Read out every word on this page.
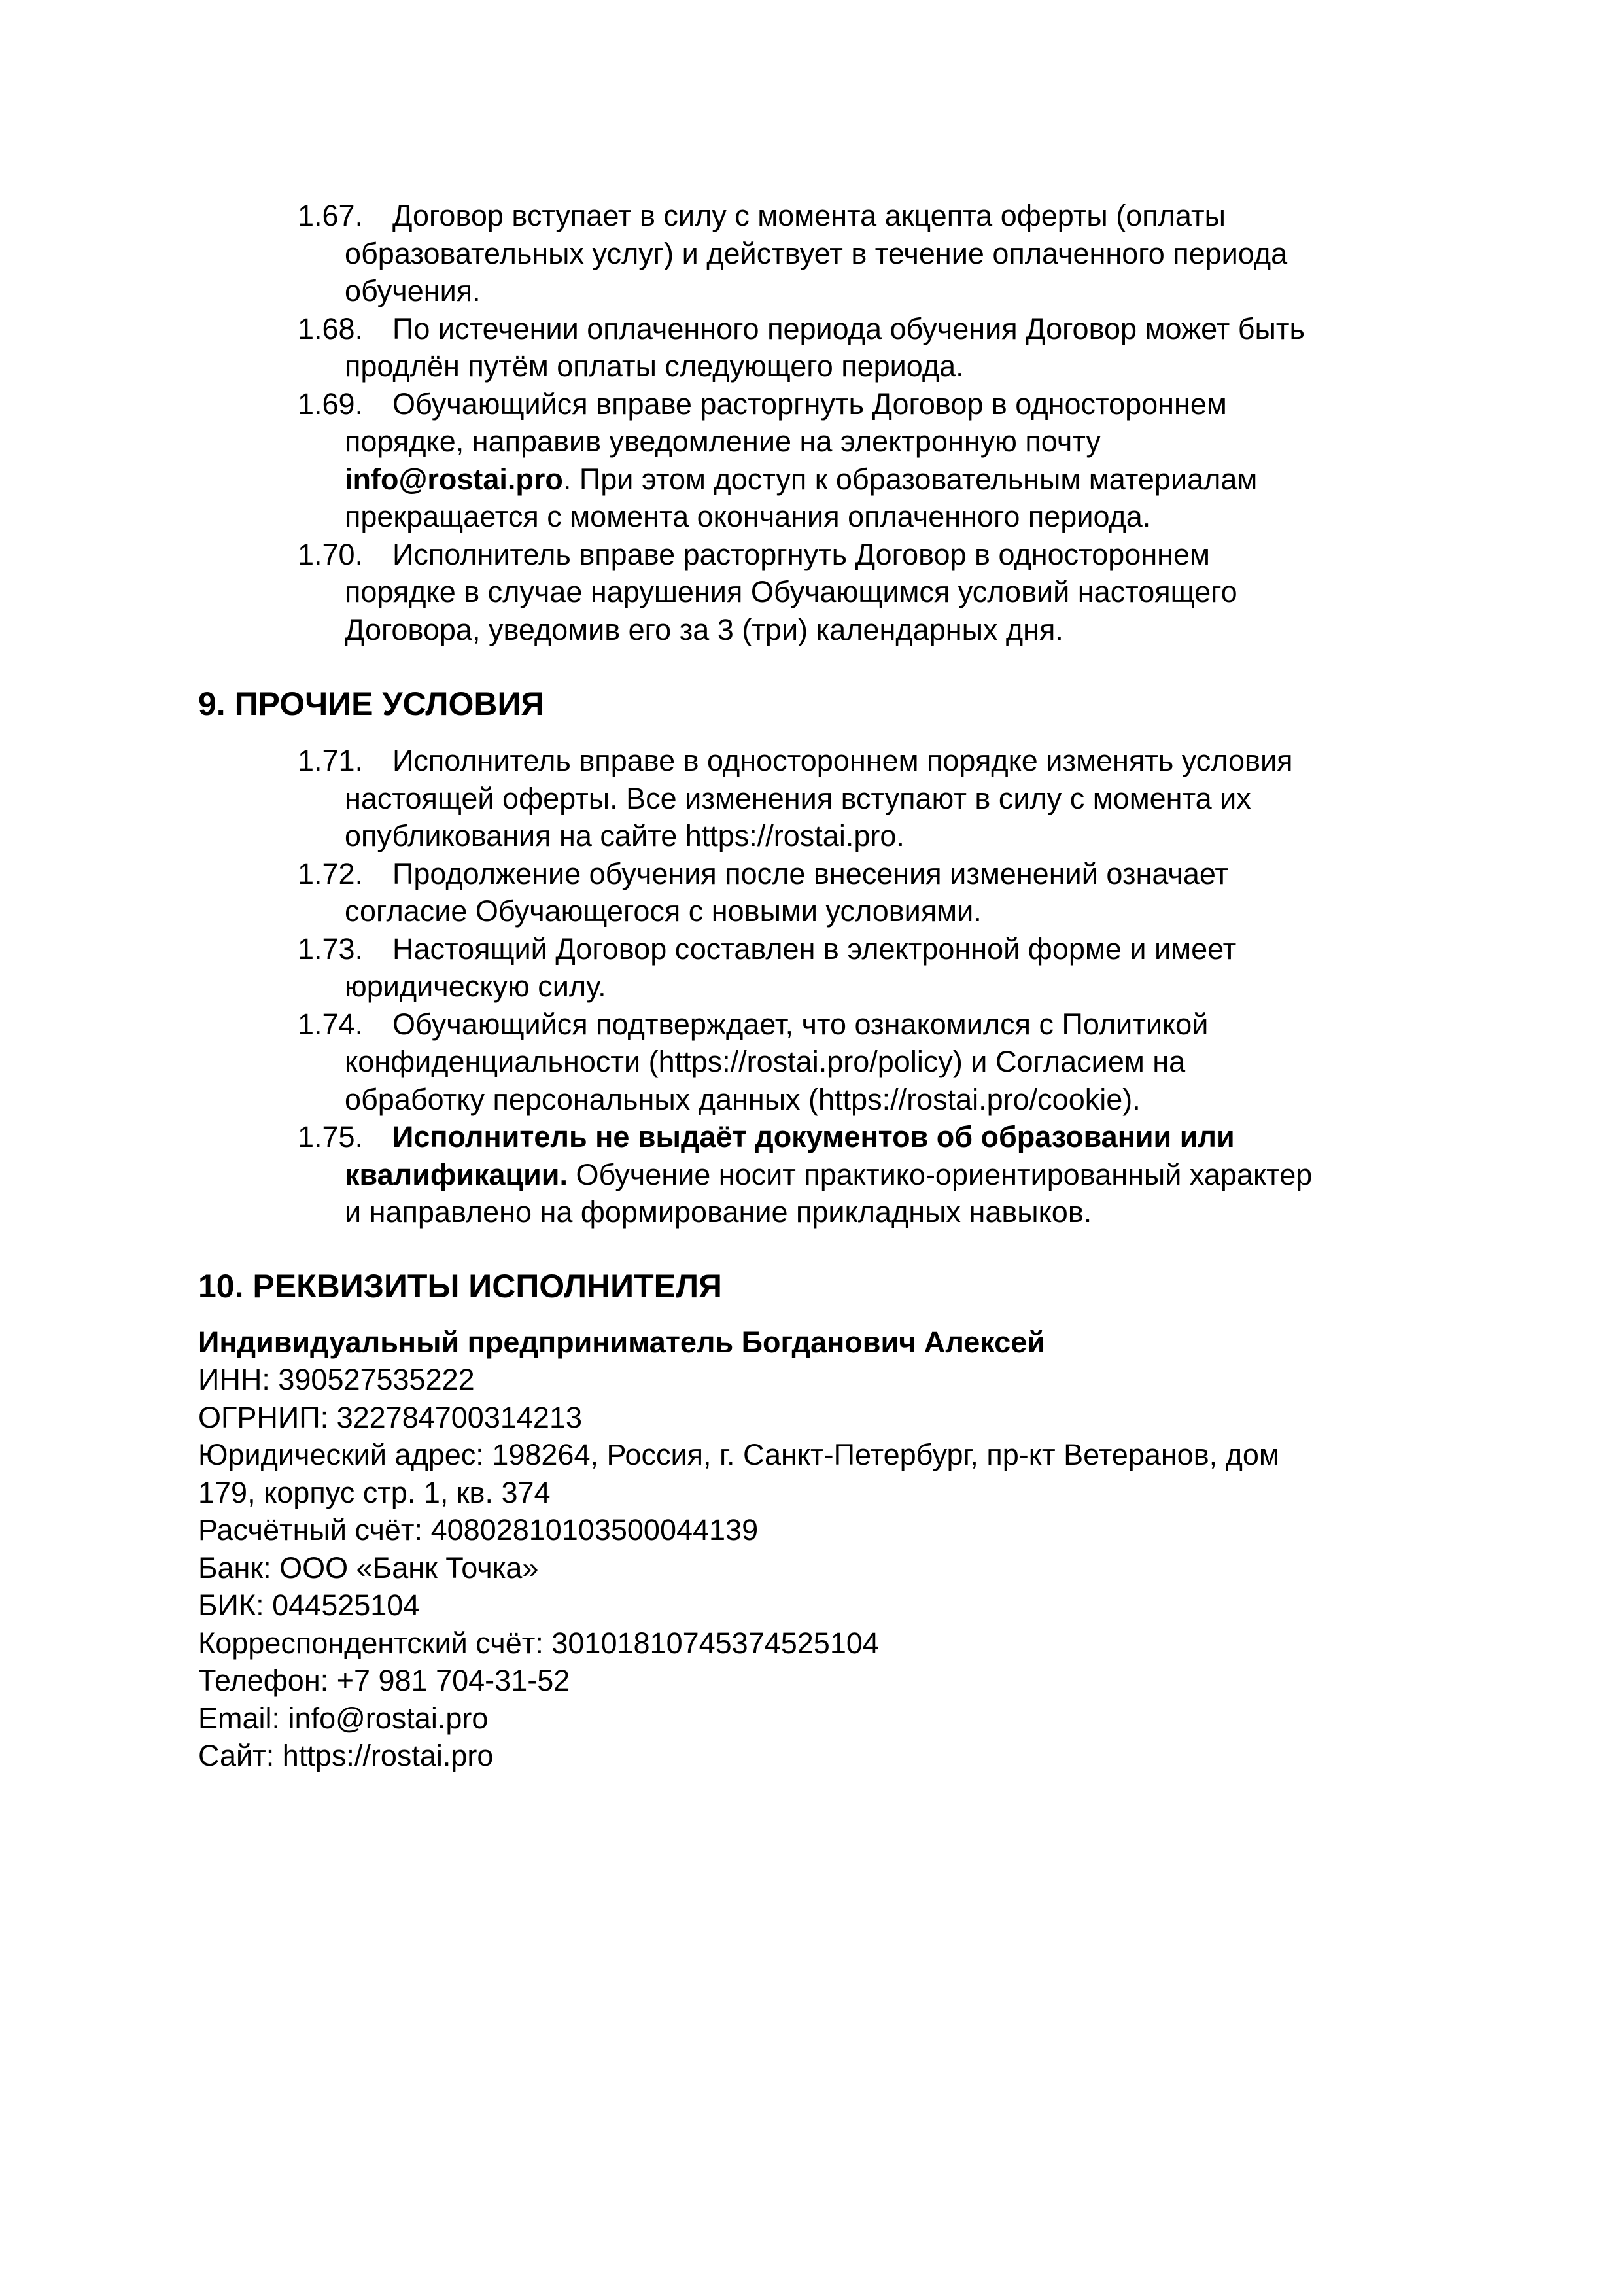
1.67. Договор вступает в силу с момента акцепта оферты (оплаты
образовательных услуг) и действует в течение оплаченного периода
обучения.
1.68. По истечении оплаченного периода обучения Договор может быть
продлён путём оплаты следующего периода.
1.69. Обучающийся вправе расторгнуть Договор в одностороннем
порядке, направив уведомление на электронную почту
info@rostai.pro. При этом доступ к образовательным материалам
прекращается с момента окончания оплаченного периода.
1.70. Исполнитель вправе расторгнуть Договор в одностороннем
порядке в случае нарушения Обучающимся условий настоящего
Договора, уведомив его за 3 (три) календарных дня.
9. ПРОЧИЕ УСЛОВИЯ
1.71. Исполнитель вправе в одностороннем порядке изменять условия
настоящей оферты. Все изменения вступают в силу с момента их
опубликования на сайте https://rostai.pro.
1.72. Продолжение обучения после внесения изменений означает
согласие Обучающегося с новыми условиями.
1.73. Настоящий Договор составлен в электронной форме и имеет
юридическую силу.
1.74. Обучающийся подтверждает, что ознакомился с Политикой
конфиденциальности (https://rostai.pro/policy) и Согласием на
обработку персональных данных (https://rostai.pro/cookie).
1.75. Исполнитель не выдаёт документов об образовании или
квалификации. Обучение носит практико-ориентированный характер
и направлено на формирование прикладных навыков.
10. РЕКВИЗИТЫ ИСПОЛНИТЕЛЯ
Индивидуальный предприниматель Богданович Алексей
ИНН: 390527535222
ОГРНИП: 322784700314213
Юридический адрес: 198264, Россия, г. Санкт-Петербург, пр-кт Ветеранов, дом
179, корпус стр. 1, кв. 374
Расчётный счёт: 40802810103500044139
Банк: ООО «Банк Точка»
БИК: 044525104
Корреспондентский счёт: 30101810745374525104
Телефон: +7 981 704-31-52
Email: info@rostai.pro
Сайт: https://rostai.pro
